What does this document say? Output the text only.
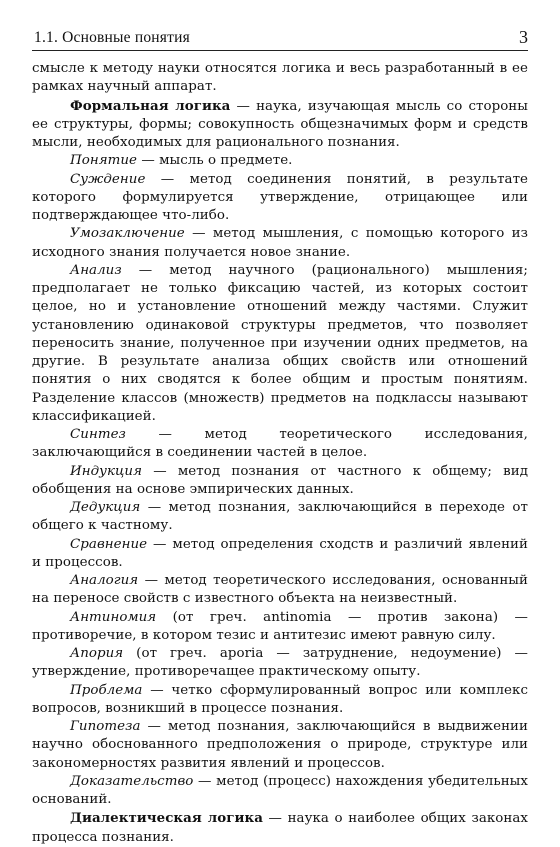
1.1. Основные понятия	3

смысле к методу науки относятся логика и весь разработанный в ее рамках научный аппарат.

Формальная логика — наука, изучающая мысль со стороны ее структуры, формы; совокупность общезначимых форм и средств мысли, необходимых для рационального познания.

Понятие — мысль о предмете.

Суждение — метод соединения понятий, в результате которого формулируется утверждение, отрицающее или подтверждающее что-либо.

Умозаключение — метод мышления, с помощью которого из исходного знания получается новое знание.

Анализ — метод научного (рационального) мышления; предполагает не только фиксацию частей, из которых состоит целое, но и установление отношений между частями. Служит установлению одинаковой структуры предметов, что позволяет переносить знание, полученное при изучении одних предметов, на другие. В результате анализа общих свойств или отношений понятия о них сводятся к более общим и простым понятиям. Разделение классов (множеств) предметов на подклассы называют классификацией.

Синтез — метод теоретического исследования, заключающийся в соединении частей в целое.

Индукция — метод познания от частного к общему; вид обобщения на основе эмпирических данных.

Дедукция — метод познания, заключающийся в переходе от общего к частному.

Сравнение — метод определения сходств и различий явлений и процессов.

Аналогия — метод теоретического исследования, основанный на переносе свойств с известного объекта на неизвестный.

Антиномия (от греч. antinomia — против закона) — противоречие, в котором тезис и антитезис имеют равную силу.

Апория (от греч. aporia — затруднение, недоумение) — утверждение, противоречащее практическому опыту.

Проблема — четко сформулированный вопрос или комплекс вопросов, возникший в процессе познания.

Гипотеза — метод познания, заключающийся в выдвижении научно обоснованного предположения о природе, структуре или закономерностях развития явлений и процессов.

Доказательство — метод (процесс) нахождения убедительных оснований.

Диалектическая логика — наука о наиболее общих законах процесса познания.
